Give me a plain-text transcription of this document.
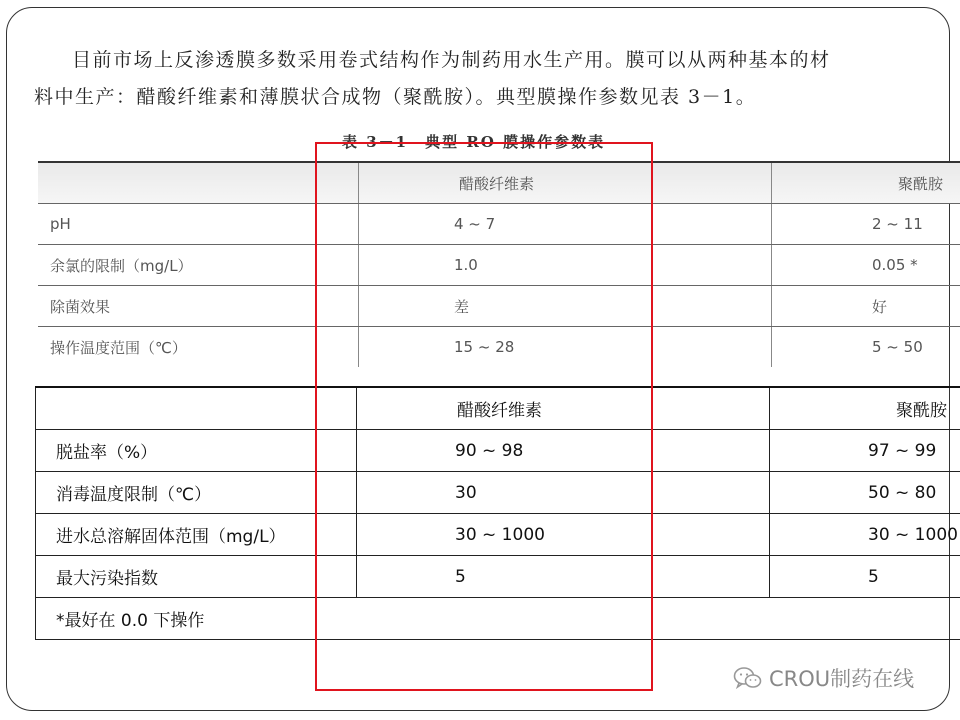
目前市场上反渗透膜多数采用卷式结构作为制药用水生产用。膜可以从两种基本的材
料中生产：醋酸纤维素和薄膜状合成物（聚酰胺）。典型膜操作参数见表 3－1。
表 3－1　典型 RO 膜操作参数表
	醋酸纤维素	聚酰胺
pH	4 ~ 7	2 ~ 11
余氯的限制（mg/L）	1.0	0.05 *
除菌效果	差	好
操作温度范围（℃）	15 ~ 28	5 ~ 50
	醋酸纤维素	聚酰胺
脱盐率（%）	90 ~ 98	97 ~ 99
消毒温度限制（℃）	30	50 ~ 80
进水总溶解固体范围（mg/L）	30 ~ 1000	30 ~ 1000
最大污染指数	5	5
*最好在 0.0 下操作		
CROU制药在线
